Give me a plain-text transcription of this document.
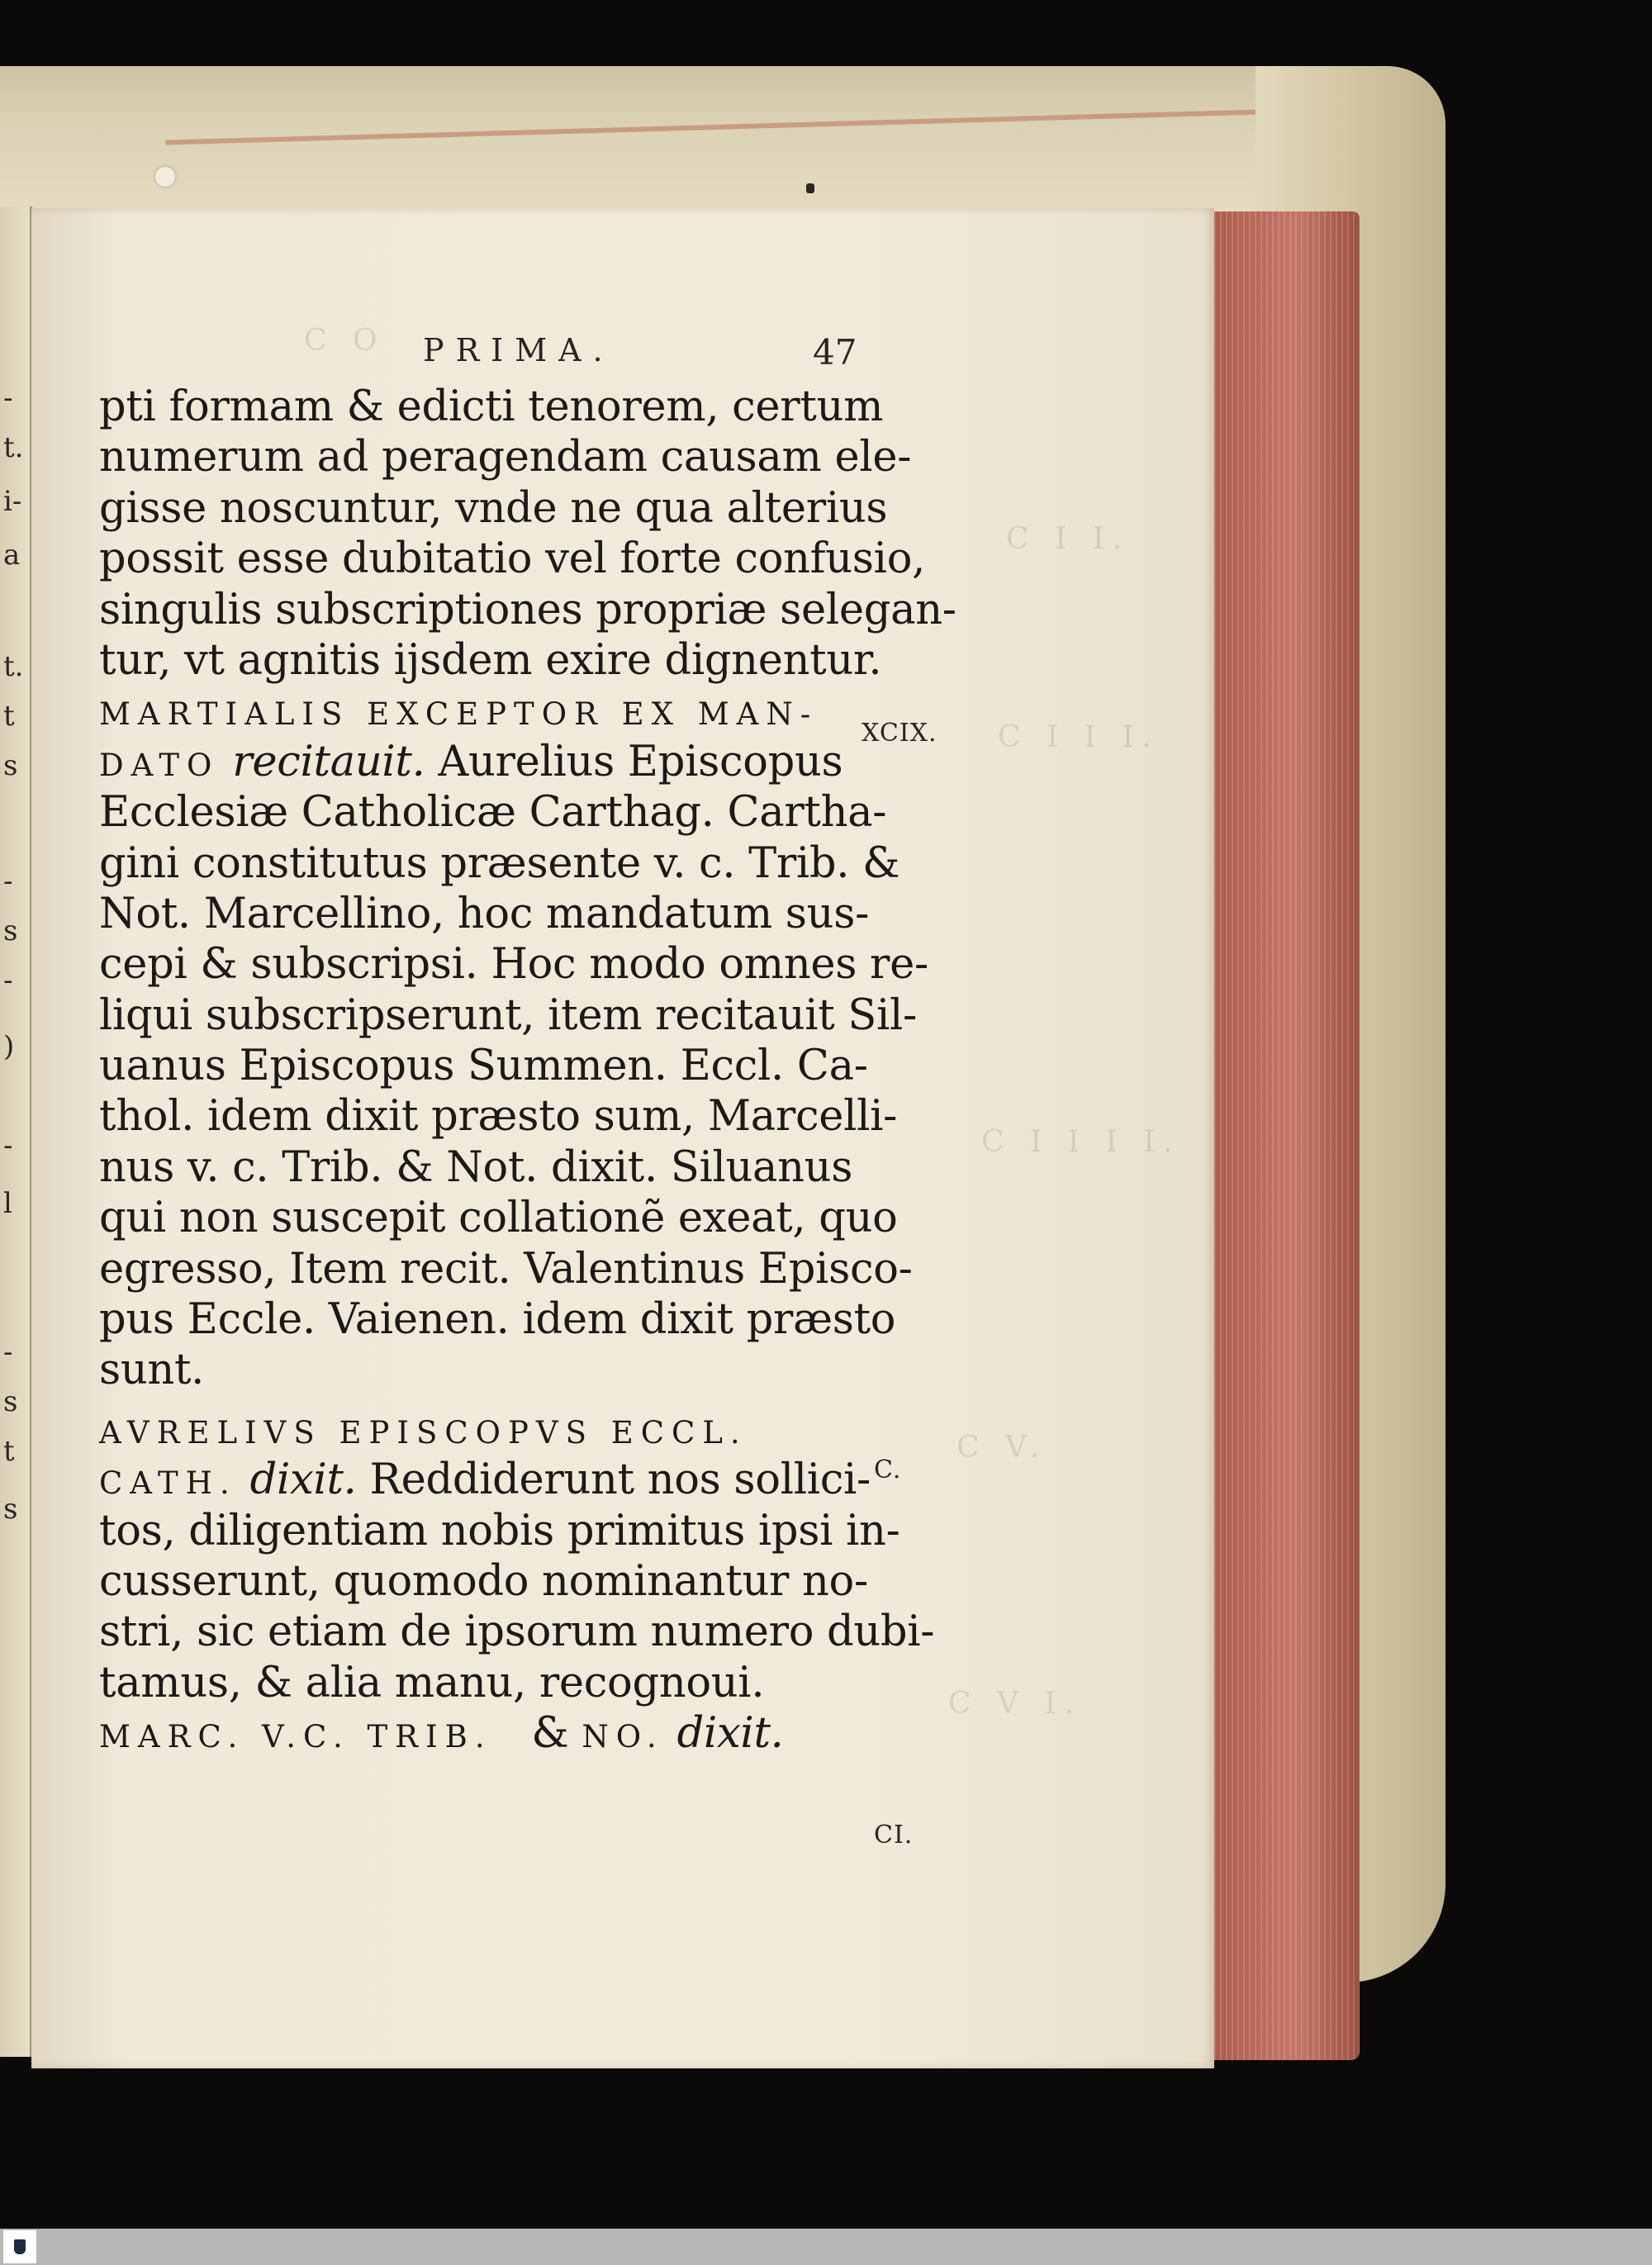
-
t.
i-
a
t.
t
s
-
s
-
)
-
l
-
s
t
s
C O
C I I.
C I I I.
C I I I I.
C V.
C V I.
PRIMA.	47
pti formam & edicti tenorem, certum
numerum ad peragendam causam ele-
gisse noscuntur, vnde ne qua alterius
possit esse dubitatio vel forte confusio,
singulis subscriptiones propriæ selegan-
tur, vt agnitis ijsdem exire dignentur.
MARTIALIS EXCEPTOR EX MAN-
DATO recitauit. Aurelius Episcopus
Ecclesiæ Catholicæ Carthag. Cartha-
gini constitutus præsente v. c. Trib. &
Not. Marcellino, hoc mandatum sus-
cepi & subscripsi. Hoc modo omnes re-
liqui subscripserunt, item recitauit Sil-
uanus Episcopus Summen. Eccl. Ca-
thol. idem dixit præsto sum, Marcelli-
nus v. c. Trib. & Not. dixit. Siluanus
qui non suscepit collationẽ exeat, quo
egresso, Item recit. Valentinus Episco-
pus Eccle. Vaienen. idem dixit præsto
sunt.
AVRELIVS EPISCOPVS ECCL.
CATH. dixit. Reddiderunt nos sollici-
tos, diligentiam nobis primitus ipsi in-
cusserunt, quomodo nominantur no-
stri, sic etiam de ipsorum numero dubi-
tamus, & alia manu, recognoui.
MARC. V.C. TRIB. & NO. dixit.
XCIX.
C.
CI.
